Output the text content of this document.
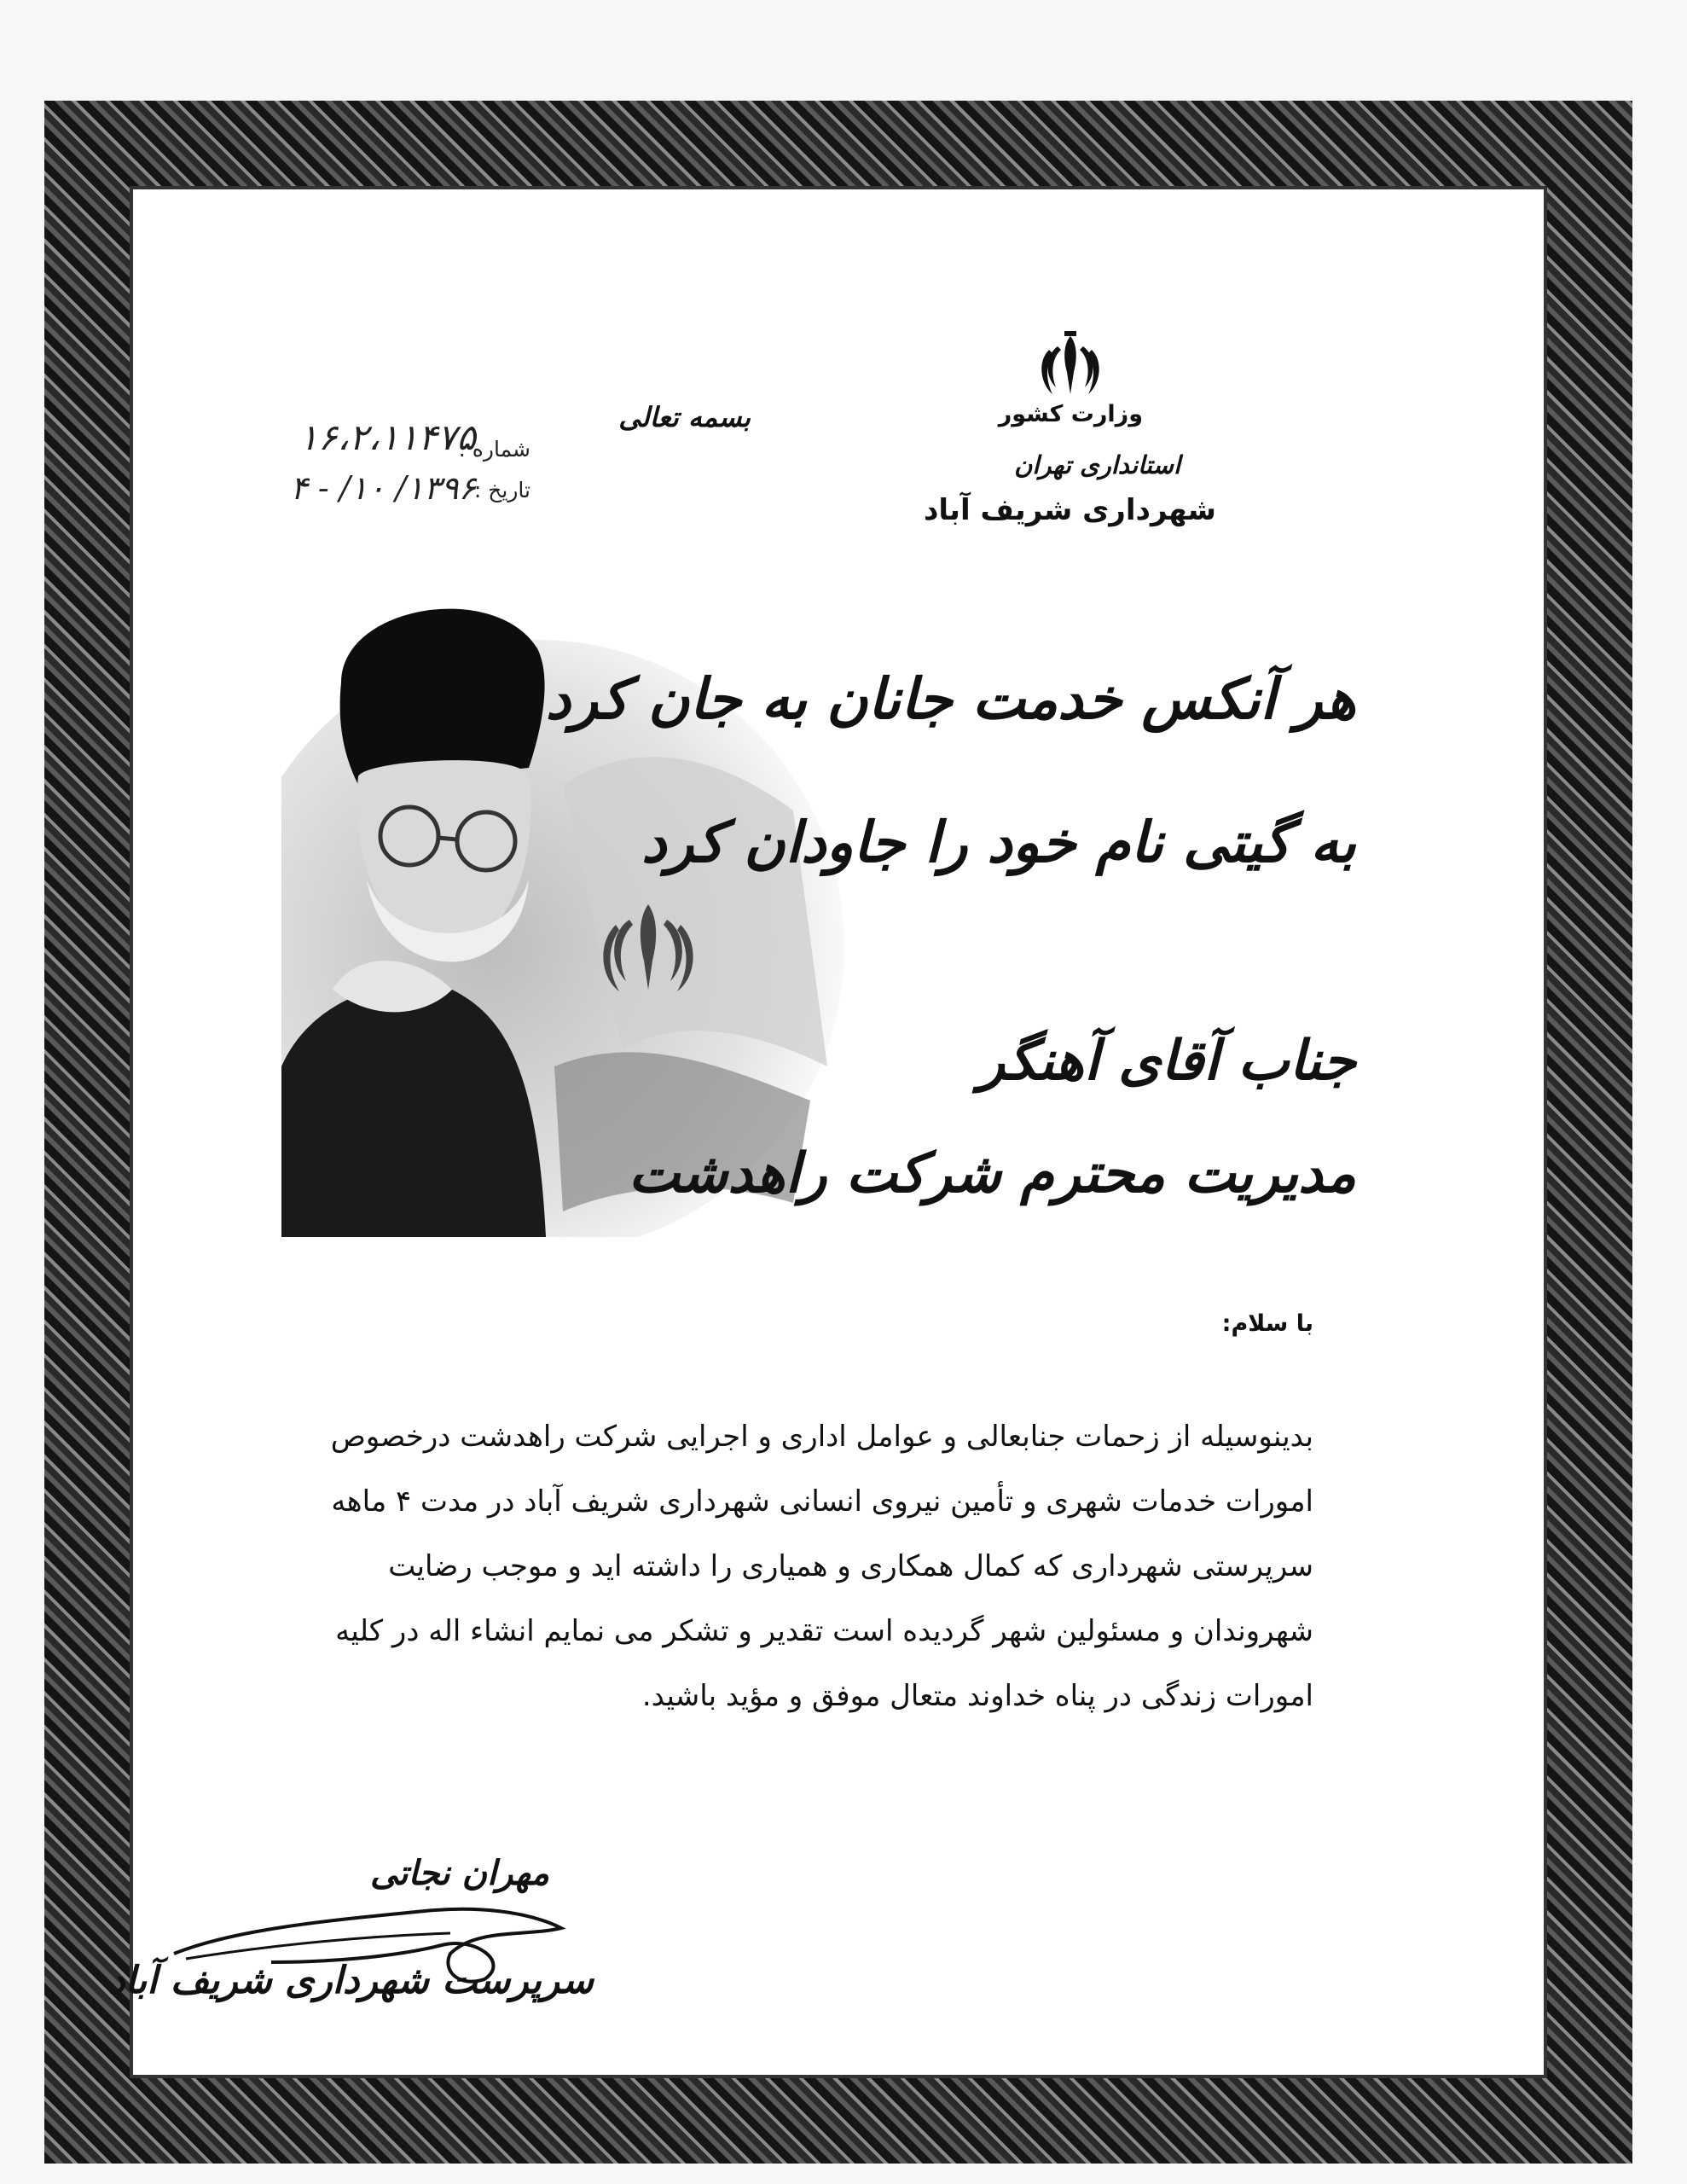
وزارت کشور
استانداری تهران
شهرداری شریف آباد
بسمه تعالی
شماره :
۱۶،۲،۱۱۴۷۵
تاریخ :
۱۳۹۶/ ۱۰/ - ۴
هر آنکس خدمت جانان به جان کرد
به گیتی نام خود را جاودان کرد
جناب آقای آهنگر
مدیریت محترم شرکت راهدشت
با سلام:
بدینوسیله از زحمات جنابعالی و عوامل اداری و اجرایی شرکت راهدشت درخصوص
امورات خدمات شهری و تأمین نیروی انسانی شهرداری شریف آباد در مدت ۴ ماهه
سرپرستی شهرداری که کمال همکاری و همیاری را داشته اید و موجب رضایت
شهروندان و مسئولین شهر گردیده است تقدیر و تشکر می نمایم انشاء اله در کلیه
امورات زندگی در پناه خداوند متعال موفق و مؤید باشید.
مهران نجاتی
سرپرست شهرداری شریف آباد
